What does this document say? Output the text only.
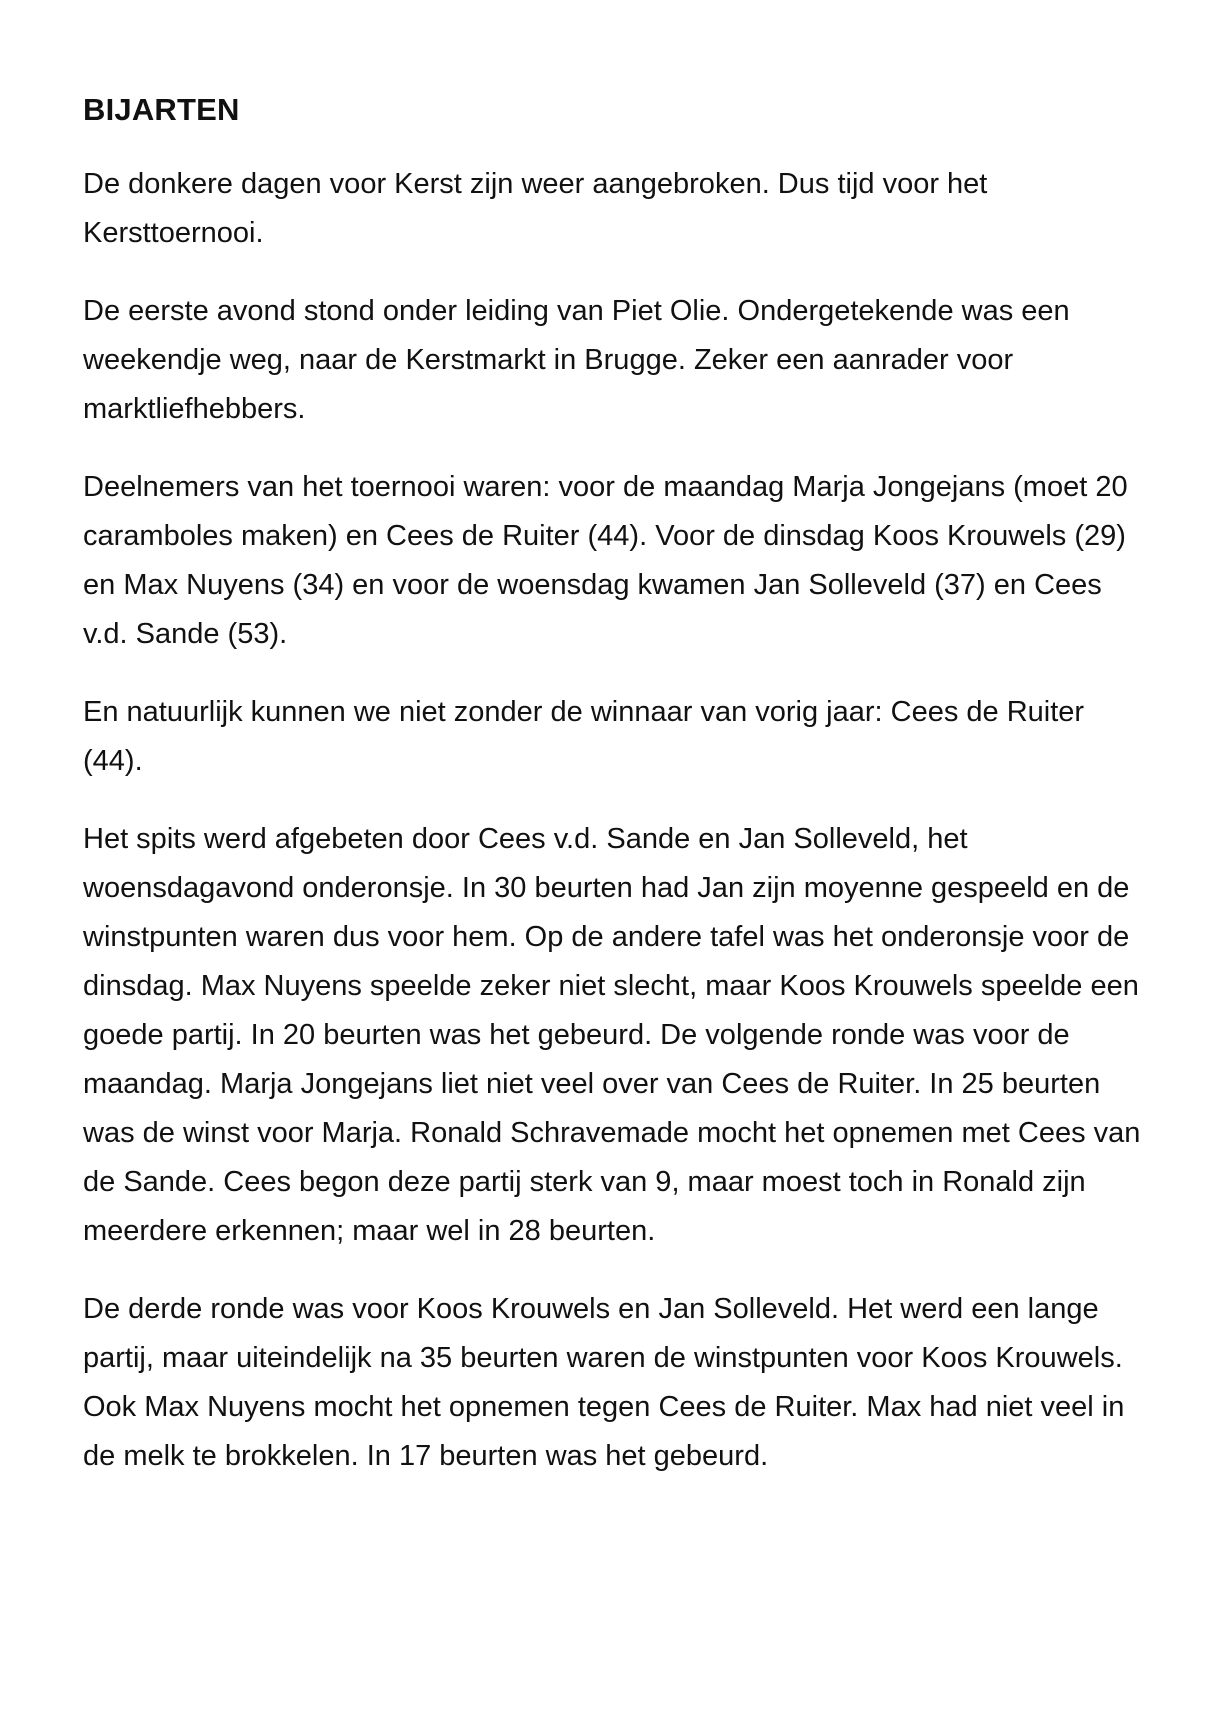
BIJARTEN

De donkere dagen voor Kerst zijn weer aangebroken. Dus tijd voor het Kersttoernooi.

De eerste avond stond onder leiding van Piet Olie. Ondergetekende was een weekendje weg, naar de Kerstmarkt in Brugge. Zeker een aanrader voor marktliefhebbers.

Deelnemers van het toernooi waren: voor de maandag Marja Jongejans (moet 20 caramboles maken) en Cees de Ruiter (44). Voor de dinsdag Koos Krouwels (29) en Max Nuyens (34) en voor de woensdag kwamen Jan Solleveld (37) en Cees v.d. Sande (53).

En natuurlijk kunnen we niet zonder de winnaar van vorig jaar: Cees de Ruiter (44).

Het spits werd afgebeten door Cees v.d. Sande en Jan Solleveld, het woensdagavond onderonsje. In 30 beurten had Jan zijn moyenne gespeeld en de winstpunten waren dus voor hem. Op de andere tafel was het onderonsje voor de dinsdag. Max Nuyens speelde zeker niet slecht, maar Koos Krouwels speelde een goede partij. In 20 beurten was het gebeurd. De volgende ronde was voor de maandag. Marja Jongejans liet niet veel over van Cees de Ruiter. In 25 beurten was de winst voor Marja. Ronald Schravemade mocht het opnemen met Cees van de Sande. Cees begon deze partij sterk van 9, maar moest toch in Ronald zijn meerdere erkennen; maar wel in 28 beurten.

De derde ronde was voor Koos Krouwels en Jan Solleveld. Het werd een lange partij, maar uiteindelijk na 35 beurten waren de winstpunten voor Koos Krouwels. Ook Max Nuyens mocht het opnemen tegen Cees de Ruiter. Max had niet veel in de melk te brokkelen. In 17 beurten was het gebeurd.
